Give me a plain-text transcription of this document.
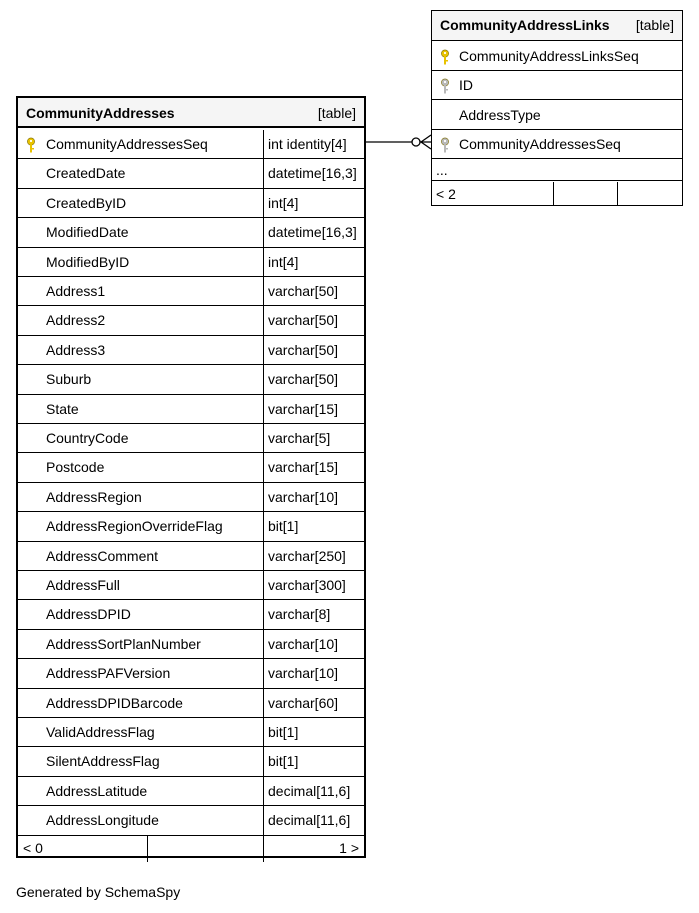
CommunityAddresses	[table]
CommunityAddressesSeq	int identity[4]
CreatedDate	datetime[16,3]
CreatedByID	int[4]
ModifiedDate	datetime[16,3]
ModifiedByID	int[4]
Address1	varchar[50]
Address2	varchar[50]
Address3	varchar[50]
Suburb	varchar[50]
State	varchar[15]
CountryCode	varchar[5]
Postcode	varchar[15]
AddressRegion	varchar[10]
AddressRegionOverrideFlag	bit[1]
AddressComment	varchar[250]
AddressFull	varchar[300]
AddressDPID	varchar[8]
AddressSortPlanNumber	varchar[10]
AddressPAFVersion	varchar[10]
AddressDPIDBarcode	varchar[60]
ValidAddressFlag	bit[1]
SilentAddressFlag	bit[1]
AddressLatitude	decimal[11,6]
AddressLongitude	decimal[11,6]
< 0	1 >
CommunityAddressLinks [table]
CommunityAddressLinksSeq
ID
AddressType
CommunityAddressesSeq
...
< 2
Generated by SchemaSpy
